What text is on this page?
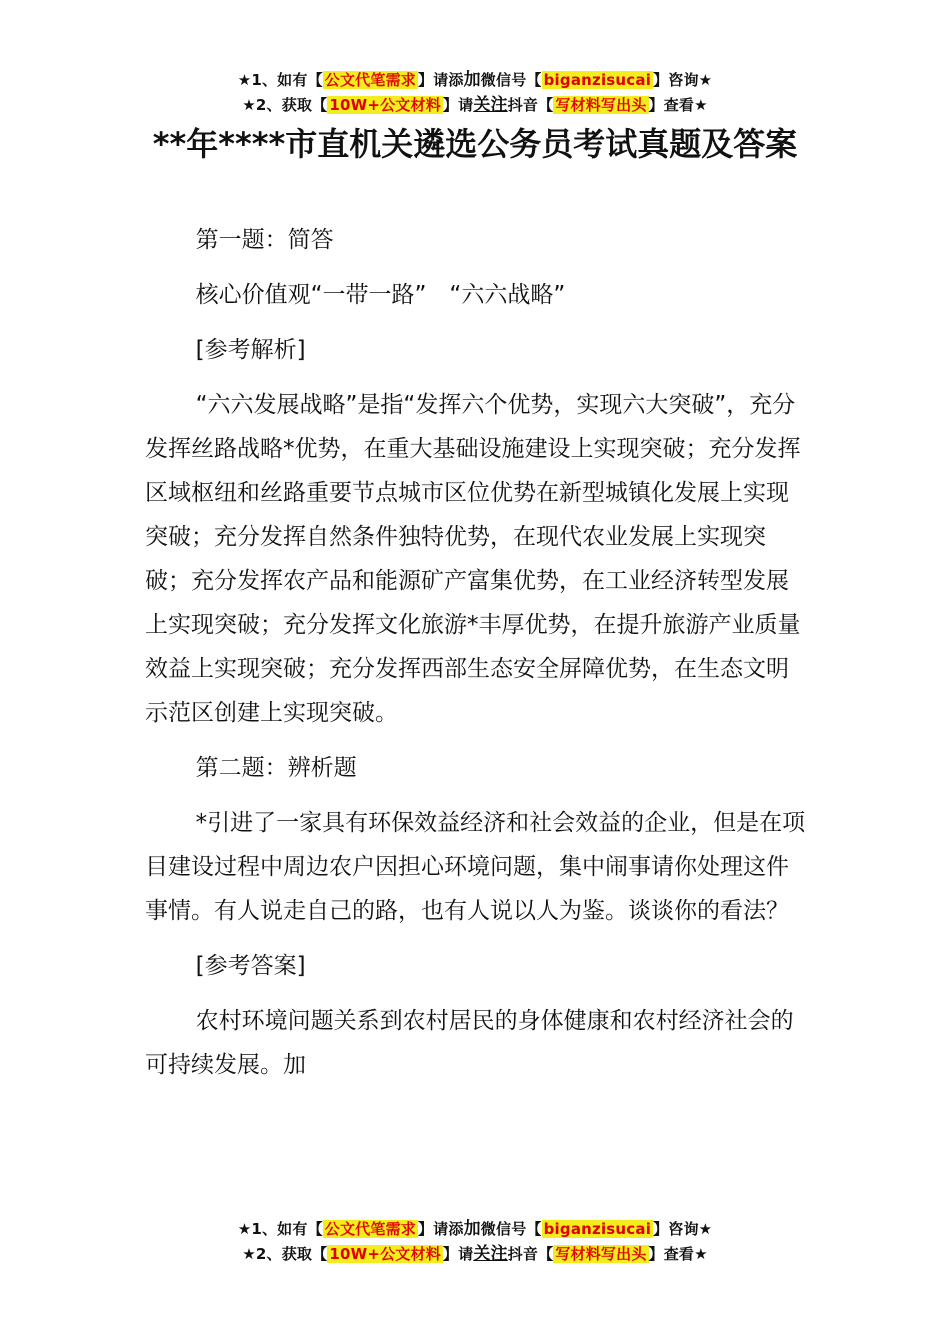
★1、如有【 公文代笔需求 】请添加微信号【 biganzisucai 】咨询★
★2、获取【 10W+公文材料 】请关注抖音【 写材料写出头 】查看★
**年****市直机关遴选公务员考试真题及答案

第一题：简答

核心价值观“一带一路”　“六六战略”

[参考解析]

“六六发展战略”是指“发挥六个优势，实现六大突破”，充分发挥丝路战略*优势，在重大基础设施建设上实现突破；充分发挥区域枢纽和丝路重要节点城市区位优势在新型城镇化发展上实现突破；充分发挥自然条件独特优势，在现代农业发展上实现突破；充分发挥农产品和能源矿产富集优势，在工业经济转型发展上实现突破；充分发挥文化旅游*丰厚优势，在提升旅游产业质量效益上实现突破；充分发挥西部生态安全屏障优势，在生态文明示范区创建上实现突破。

第二题：辨析题

*引进了一家具有环保效益经济和社会效益的企业，但是在项目建设过程中周边农户因担心环境问题，集中闹事请你处理这件事情。有人说走自己的路，也有人说以人为鉴。谈谈你的看法？

[参考答案]

农村环境问题关系到农村居民的身体健康和农村经济社会的可持续发展。加

★1、如有【 公文代笔需求 】请添加微信号【 biganzisucai 】咨询★
★2、获取【 10W+公文材料 】请关注抖音【 写材料写出头 】查看★
